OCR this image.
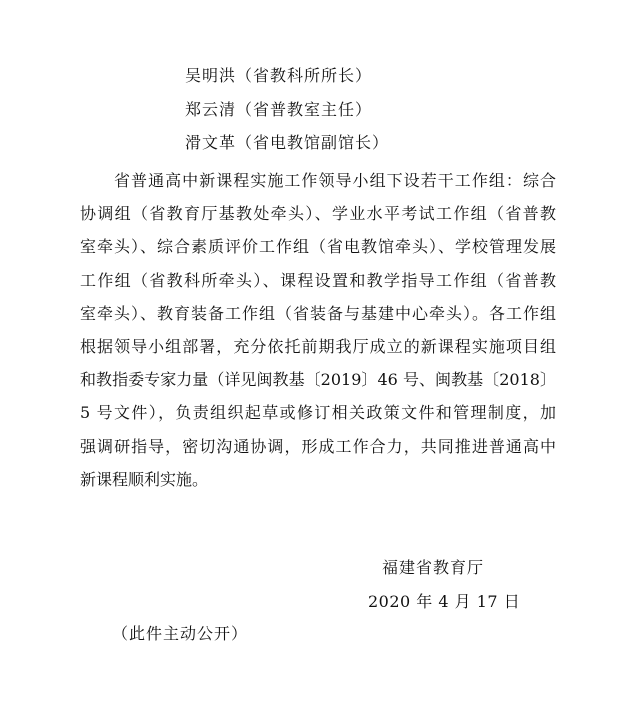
吴明洪（省教科所所长）
郑云清（省普教室主任）
滑文革（省电教馆副馆长）
省普通高中新课程实施工作领导小组下设若干工作组：综合
协调组（省教育厅基教处牵头）、学业水平考试工作组（省普教
室牵头）、综合素质评价工作组（省电教馆牵头）、学校管理发展
工作组（省教科所牵头）、课程设置和教学指导工作组（省普教
室牵头）、教育装备工作组（省装备与基建中心牵头）。各工作组
根据领导小组部署，充分依托前期我厅成立的新课程实施项目组
和教指委专家力量（详见闽教基〔2019〕46 号、闽教基〔2018〕
5 号文件），负责组织起草或修订相关政策文件和管理制度，加
强调研指导，密切沟通协调，形成工作合力，共同推进普通高中
新课程顺利实施。
福建省教育厅
2020 年 4 月 17 日
（此件主动公开）
